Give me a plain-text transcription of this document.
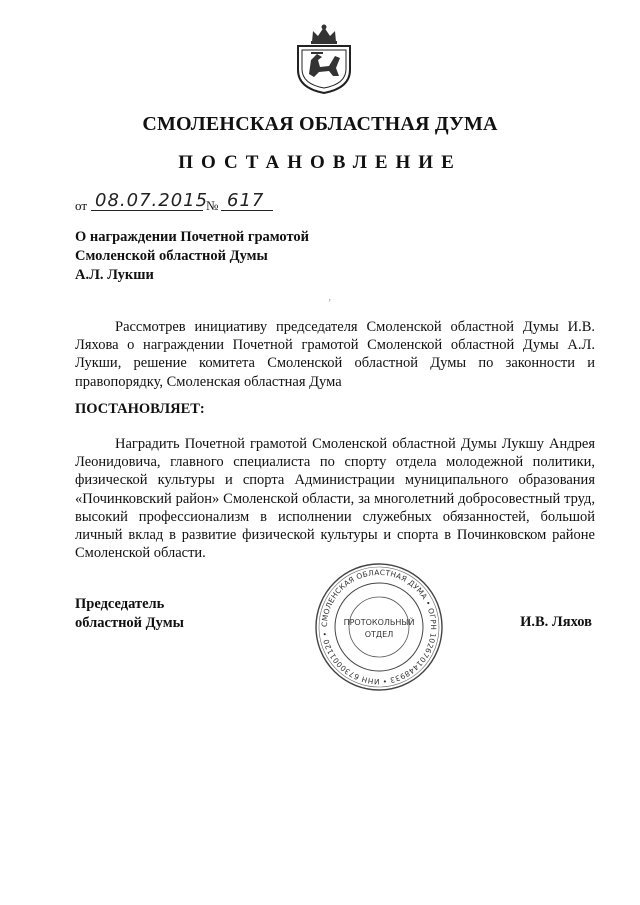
СМОЛЕНСКАЯ ОБЛАСТНАЯ ДУМА
ПОСТАНОВЛЕНИЕ
от 08.07.2015
№ 617
О награждении Почетной грамотой
Смоленской областной Думы
А.Л. Лукши
ʳ

Рассмотрев инициативу председателя Смоленской областной Думы И.В. Ляхова о награждении Почетной грамотой Смоленской областной Думы А.Л. Лукши, решение комитета Смоленской областной Думы по законности и правопорядку, Смоленская областная Дума

ПОСТАНОВЛЯЕТ:

Наградить Почетной грамотой Смоленской областной Думы Лукшу Андрея Леонидовича, главного специалиста по спорту отдела молодежной политики, физической культуры и спорта Администрации муниципального образования «Починковский район» Смоленской области, за многолетний добросовестный труд, высокий профессионализм в исполнении служебных обязанностей, большой личный вклад в развитие физической культуры и спорта в Починковском районе Смоленской области.

Председатель
областной Думы	СМОЛЕНСКАЯ ОБЛАСТНАЯ ДУМА • ОГРН 1026701448933 • ИНН 6730001120 •
ПРОТОКОЛЬНЫЙ
ОТДЕЛ
И.В. Ляхов
